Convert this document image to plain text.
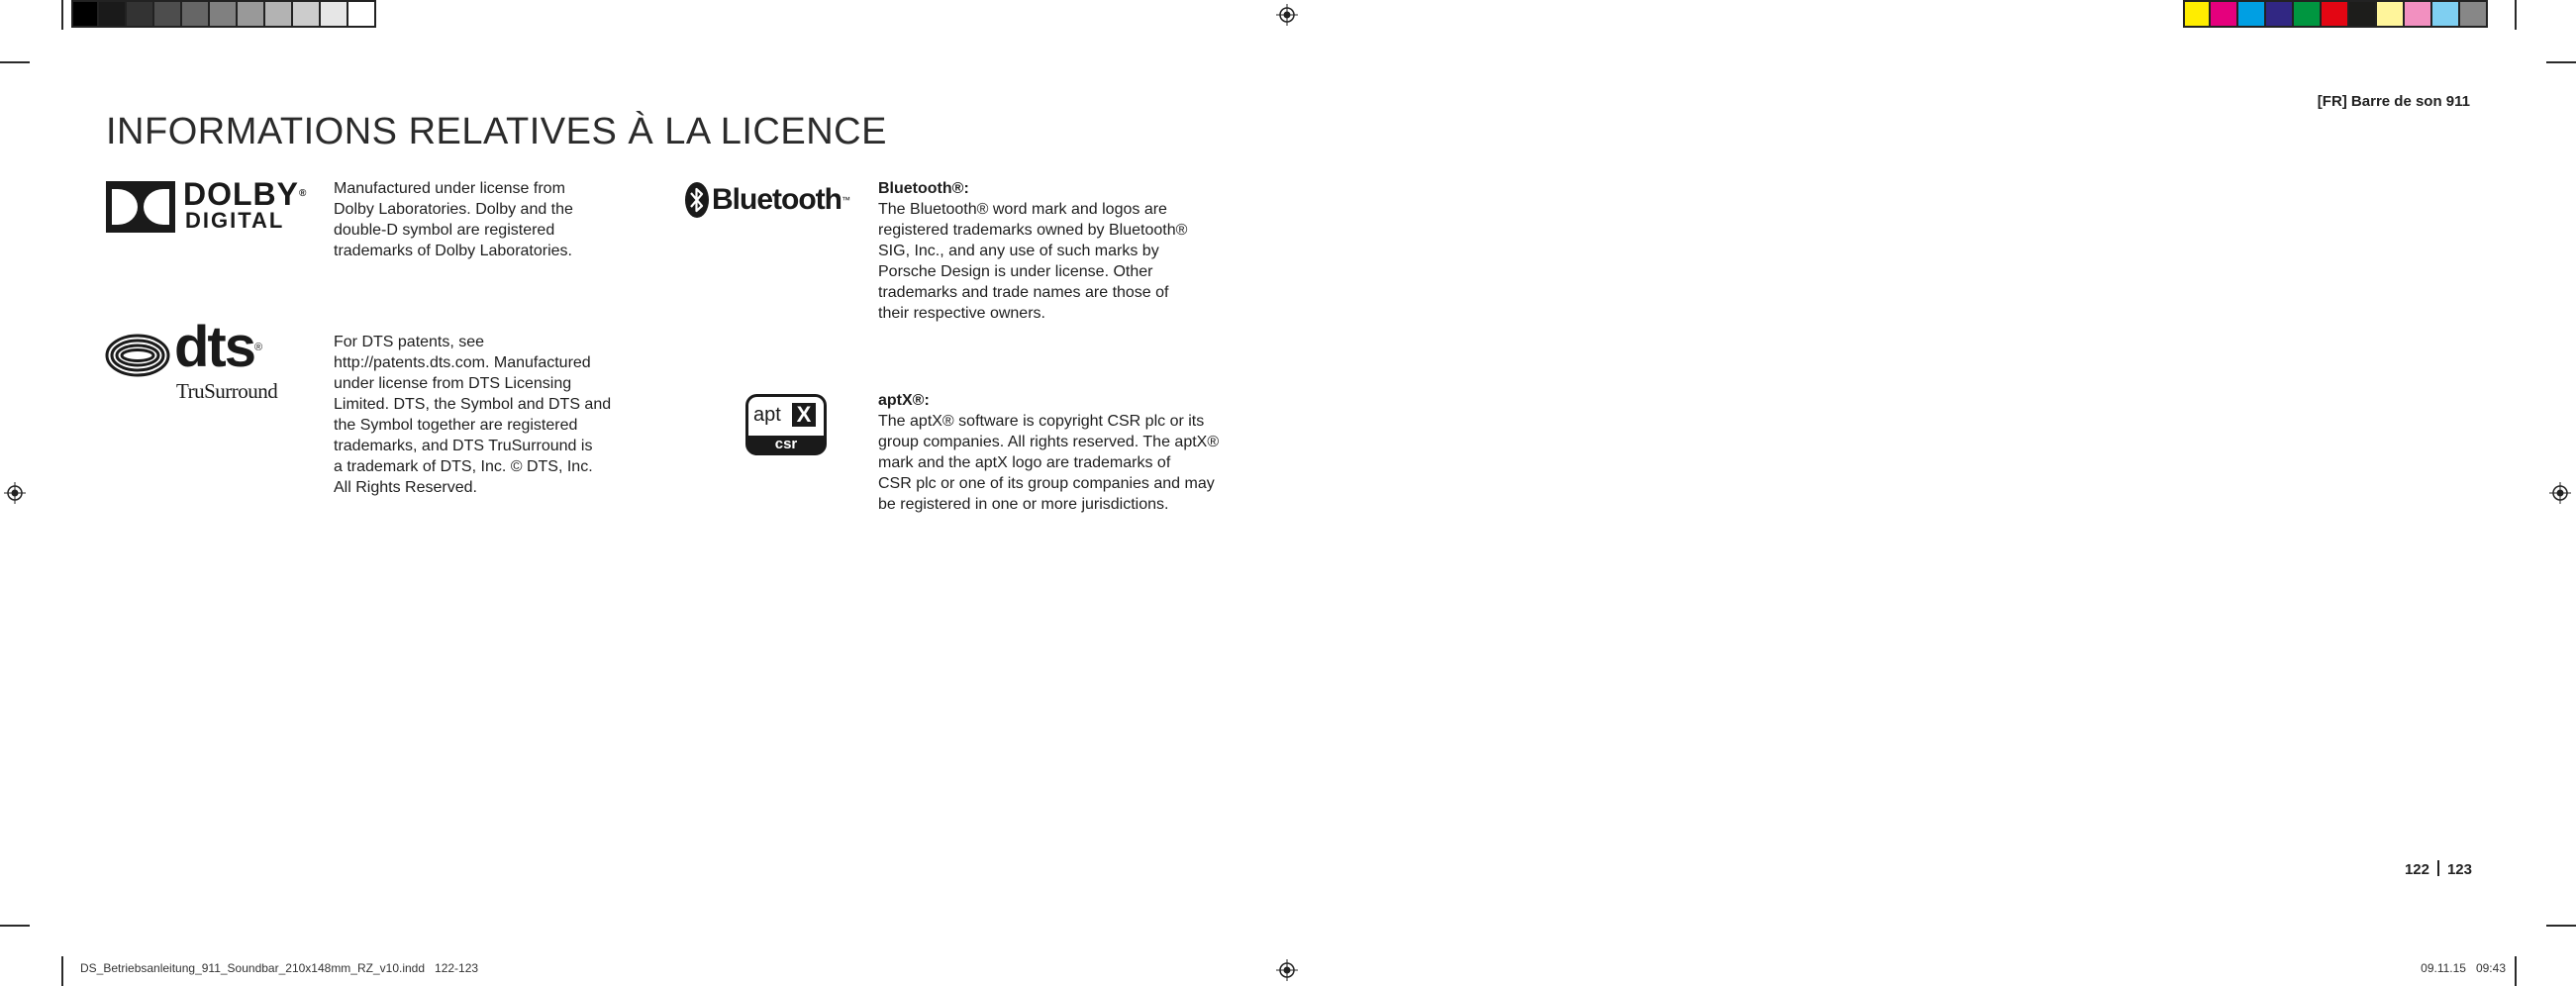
INFORMATIONS RELATIVES À LA LICENCE
[FR] Barre de son 911
DOLBY®
DIGITAL
Manufactured under license from
Dolby Laboratories. Dolby and the
double-D symbol are registered
trademarks of Dolby Laboratories.
dts®
TruSurround
For DTS patents, see
http://patents.dts.com. Manufactured
under license from DTS Licensing
Limited. DTS, the Symbol and DTS and
the Symbol together are registered
trademarks, and DTS TruSurround is
a trademark of DTS, Inc. © DTS, Inc.
All Rights Reserved.
Bluetooth™
Bluetooth®:
The Bluetooth® word mark and logos are
registered trademarks owned by Bluetooth®
SIG, Inc., and any use of such marks by
Porsche Design is under license. Other
trademarks and trade names are those of
their respective owners.
apt X
csr
aptX®:
The aptX® software is copyright CSR plc or its
group companies. All rights reserved. The aptX®
mark and the aptX logo are trademarks of
CSR plc or one of its group companies and may
be registered in one or more jurisdictions.
122 123
DS_Betriebsanleitung_911_Soundbar_210x148mm_RZ_v10.indd   122-123	09.11.15   09:43
